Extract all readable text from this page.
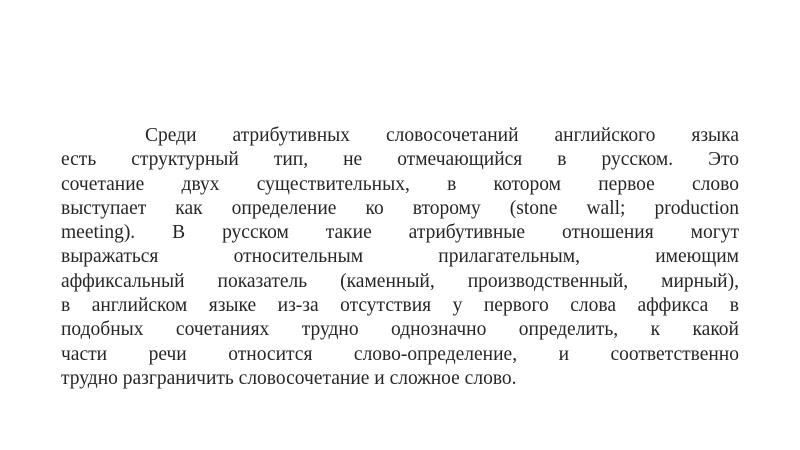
Среди атрибутивных словосочетаний английского языка
есть структурный тип, не отмечающийся в русском. Это
сочетание двух существительных, в котором первое слово
выступает как определение ко второму (stone wall; production
meeting). В русском такие атрибутивные отношения могут
выражаться относительным прилагательным, имеющим
аффиксальный показатель (каменный, производственный, мирный),
в английском языке из-за отсутствия у первого слова аффикса в
подобных сочетаниях трудно однозначно определить, к какой
части речи относится слово-определение, и соответственно
трудно разграничить словосочетание и сложное слово.
